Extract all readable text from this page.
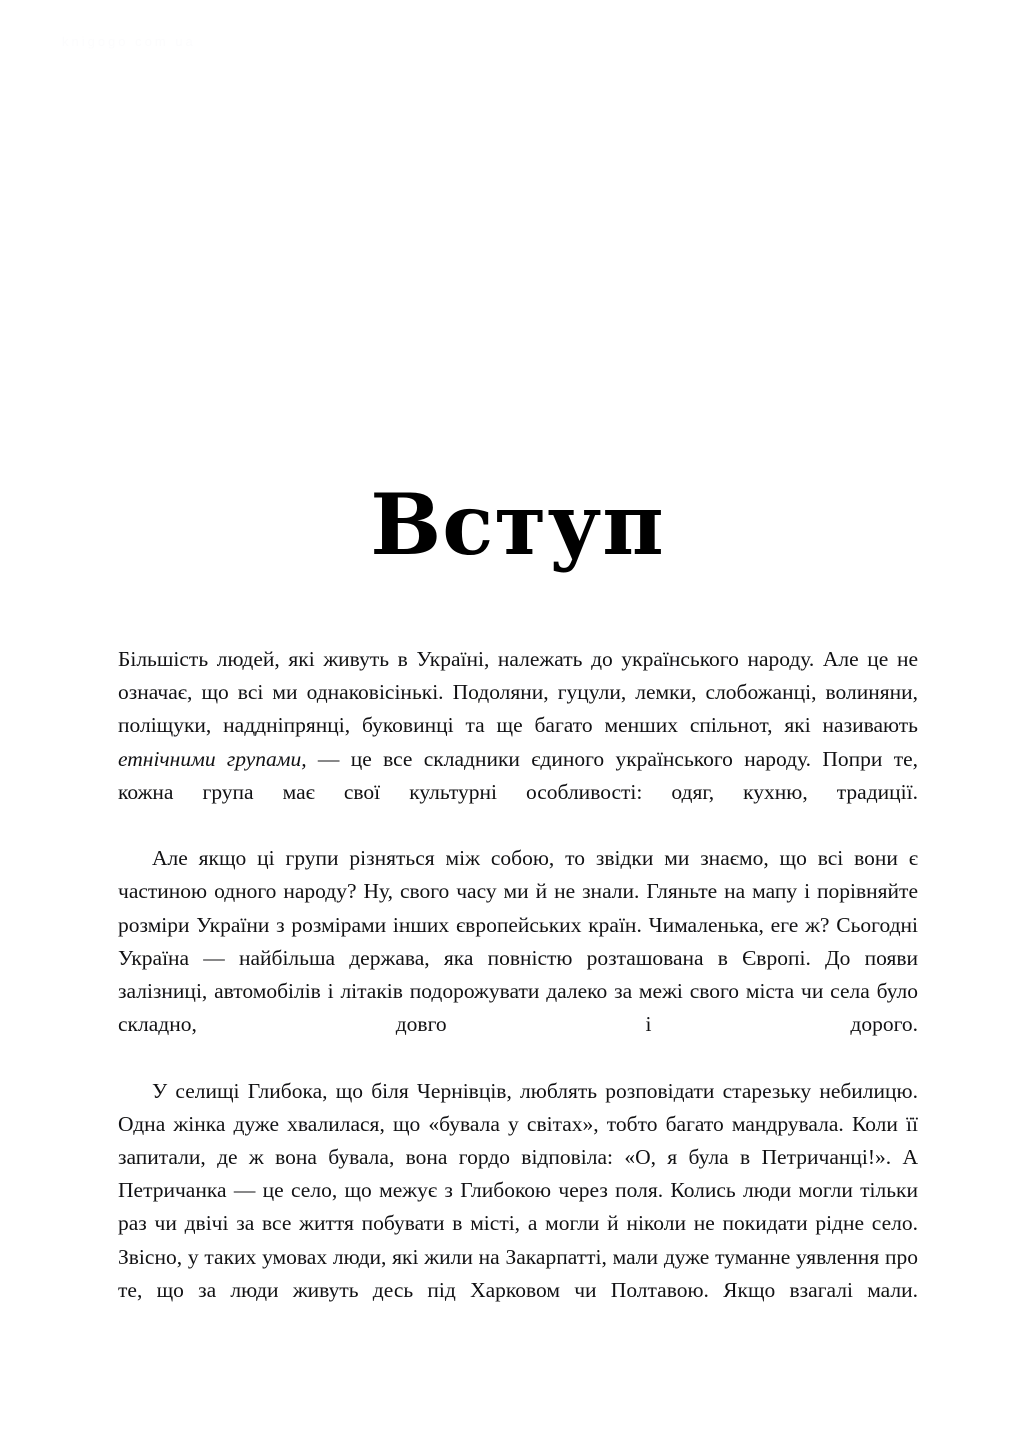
knigogo com ua
Вступ

Більшість людей, які живуть в Україні, належать до українського народу. Але це не означає, що всі ми однаковісінькі. Подоляни, гуцули, лемки, слобожанці, волиняни, поліщуки, наддніпрянці, буковинці та ще багато менших спільнот, які називають етнічними групами, — це все складники єдиного українського народу. Попри те, кожна група має свої культурні особливості: одяг, кухню, традиції.

Але якщо ці групи різняться між собою, то звідки ми знаємо, що всі вони є частиною одного народу? Ну, свого часу ми й не знали. Гляньте на мапу і порівняйте розміри України з розмірами інших європейських країн. Чималенька, еге ж? Сьогодні Україна — найбільша держава, яка повністю розташована в Європі. До появи залізниці, автомобілів і літаків подорожувати далеко за межі свого міста чи села було складно, довго і дорого.

У селищі Глибока, що біля Чернівців, люблять розповідати старезьку небилицю. Одна жінка дуже хвалилася, що «бувала у світах», тобто багато мандрувала. Коли її запитали, де ж вона бувала, вона гордо відповіла: «О, я була в Петричанці!». А Петричанка — це село, що межує з Глибокою через поля. Колись люди могли тільки раз чи двічі за все життя побувати в місті, а могли й ніколи не покидати рідне село. Звісно, у таких умовах люди, які жили на Закарпатті, мали дуже туманне уявлення про те, що за люди живуть десь під Харковом чи Полтавою. Якщо взагалі мали.
